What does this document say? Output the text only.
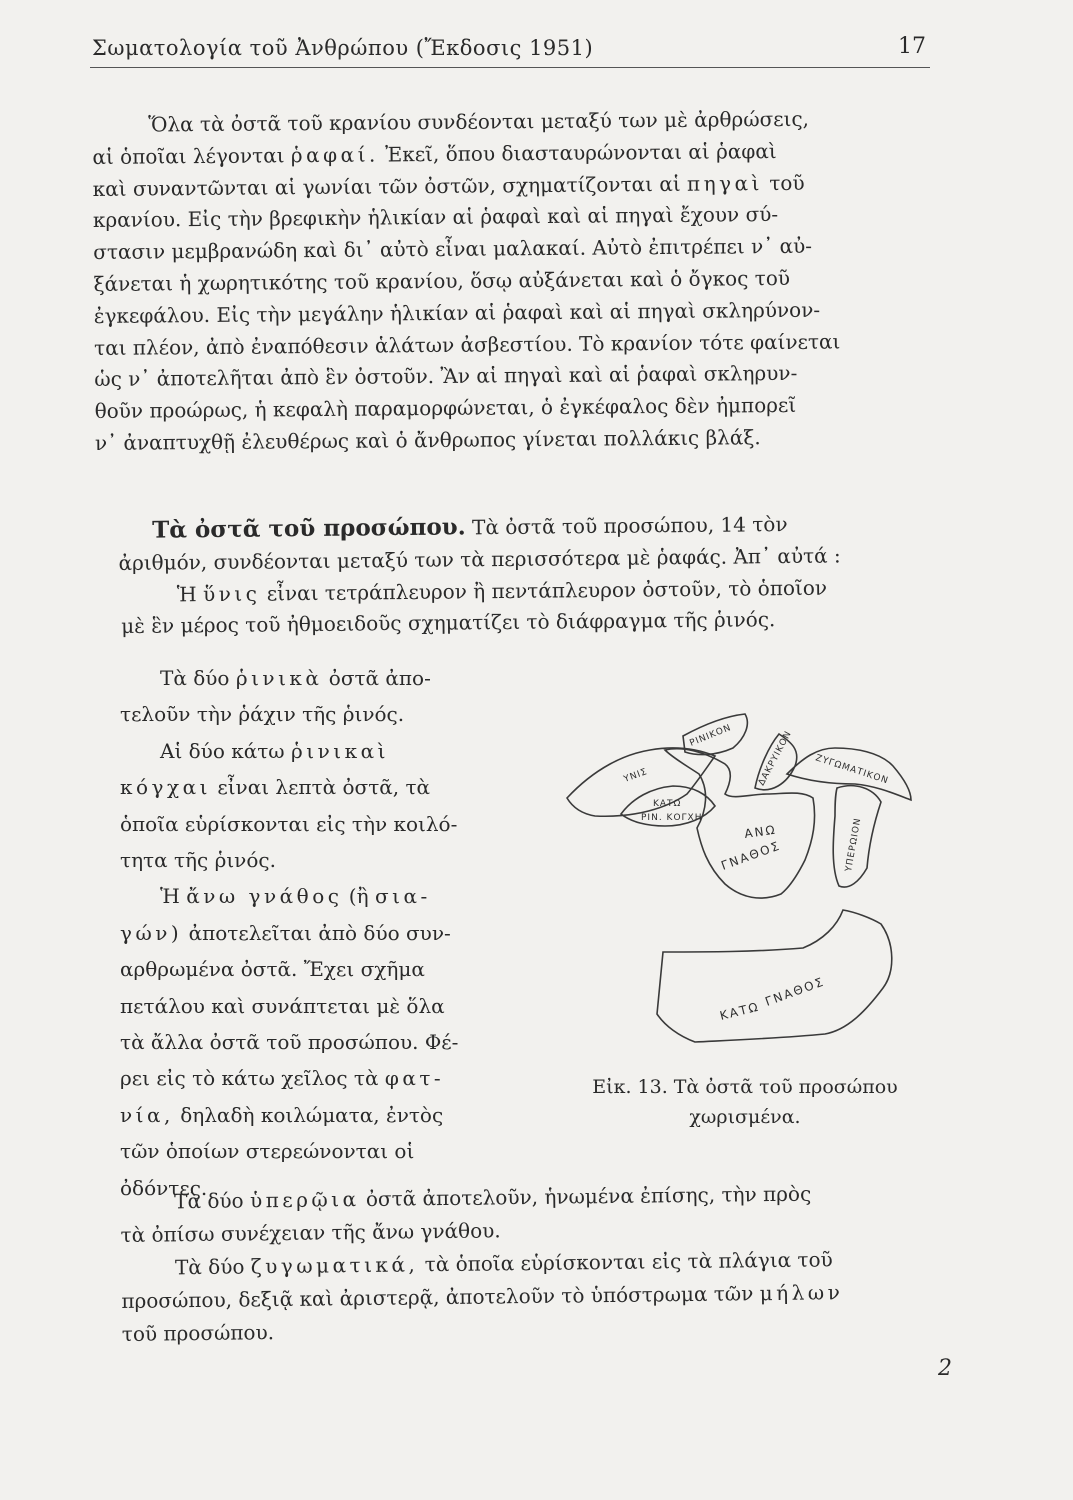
Σωματολογία τοῦ Ἀνθρώπου (Ἔκδοσις 1951)	17
Ὅλα τὰ ὀστᾶ τοῦ κρανίου συνδέονται μεταξύ των μὲ ἀρθρώσεις,
αἱ ὁποῖαι λέγονται ῥαφαί. Ἐκεῖ, ὅπου διασταυρώνονται αἱ ῥαφαὶ
καὶ συναντῶνται αἱ γωνίαι τῶν ὀστῶν, σχηματίζονται αἱ πηγαὶ τοῦ
κρανίου. Εἰς τὴν βρεφικὴν ἡλικίαν αἱ ῥαφαὶ καὶ αἱ πηγαὶ ἔχουν σύ-
στασιν μεμβρανώδη καὶ δι᾽ αὐτὸ εἶναι μαλακαί. Αὐτὸ ἐπιτρέπει ν᾽ αὐ-
ξάνεται ἡ χωρητικότης τοῦ κρανίου, ὅσῳ αὐξάνεται καὶ ὁ ὄγκος τοῦ
ἐγκεφάλου. Εἰς τὴν μεγάλην ἡλικίαν αἱ ῥαφαὶ καὶ αἱ πηγαὶ σκληρύνον-
ται πλέον, ἀπὸ ἐναπόθεσιν ἁλάτων ἀσβεστίου. Τὸ κρανίον τότε φαίνεται
ὡς ν᾽ ἀποτελῆται ἀπὸ ἓν ὀστοῦν. Ἂν αἱ πηγαὶ καὶ αἱ ῥαφαὶ σκληρυν-
θοῦν προώρως, ἡ κεφαλὴ παραμορφώνεται, ὁ ἐγκέφαλος δὲν ἠμπορεῖ
ν᾽ ἀναπτυχθῇ ἐλευθέρως καὶ ὁ ἄνθρωπος γίνεται πολλάκις βλάξ.
Τὰ ὀστᾶ τοῦ προσώπου. Τὰ ὀστᾶ τοῦ προσώπου, 14 τὸν
ἀριθμόν, συνδέονται μεταξύ των τὰ περισσότερα μὲ ῥαφάς. Ἀπ᾽ αὐτά :
Ἡ ὕνις εἶναι τετράπλευρον ἢ πεντάπλευρον ὀστοῦν, τὸ ὁποῖον
μὲ ἓν μέρος τοῦ ἠθμοειδοῦς σχηματίζει τὸ διάφραγμα τῆς ῥινός.
Τὰ δύο ῥινικὰ ὀστᾶ ἀπο-
τελοῦν τὴν ῥάχιν τῆς ῥινός.
Αἱ δύο κάτω ῥινικαὶ
κόγχαι εἶναι λεπτὰ ὀστᾶ, τὰ
ὁποῖα εὑρίσκονται εἰς τὴν κοιλό-
τητα τῆς ῥινός.
Ἡ ἄνω γνάθος (ἢ σια-
γών) ἀποτελεῖται ἀπὸ δύο συν-
αρθρωμένα ὀστᾶ. Ἔχει σχῆμα
πετάλου καὶ συνάπτεται μὲ ὅλα
τὰ ἄλλα ὀστᾶ τοῦ προσώπου. Φέ-
ρει εἰς τὸ κάτω χεῖλος τὰ φατ-
νία, δηλαδὴ κοιλώματα, ἐντὸς
τῶν ὁποίων στερεώνονται οἱ
ὀδόντες.
ΥΝΙΣ
ΡΙΝΙΚΟΝ	ΔΑΚΡΥΙΚΟΝ ΖΥΓΩΜΑΤΙΚΟΝ
ΚΑΤΩ
ΡΙΝ. ΚΟΓΧΗ
ΑΝΩ
ΓΝΑΘΟΣ	ΥΠΕΡΩΙΟΝ
ΚΑΤΩ
ΓΝΑΘΟΣ
Εἰκ. 13. Τὰ ὀστᾶ τοῦ προσώπου
χωρισμένα.
Τὰ δύο ὑπερῷια ὀστᾶ ἀποτελοῦν, ἡνωμένα ἐπίσης, τὴν πρὸς
τὰ ὀπίσω συνέχειαν τῆς ἄνω γνάθου.
Τὰ δύο ζυγωματικά, τὰ ὁποῖα εὑρίσκονται εἰς τὰ πλάγια τοῦ
προσώπου, δεξιᾷ καὶ ἀριστερᾷ, ἀποτελοῦν τὸ ὑπόστρωμα τῶν μήλων
τοῦ προσώπου.
2
